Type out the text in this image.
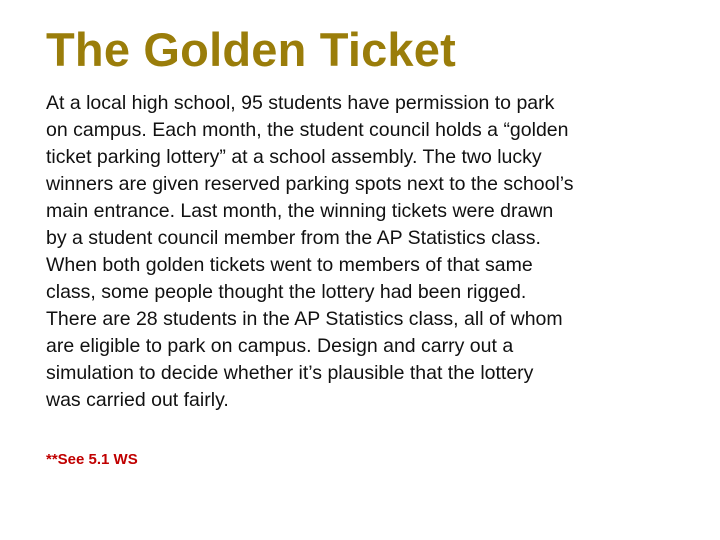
The Golden Ticket

At a local high school, 95 students have permission to park
on campus. Each month, the student council holds a “golden
ticket parking lottery” at a school assembly. The two lucky
winners are given reserved parking spots next to the school’s
main entrance. Last month, the winning tickets were drawn
by a student council member from the AP Statistics class.
When both golden tickets went to members of that same
class, some people thought the lottery had been rigged.
There are 28 students in the AP Statistics class, all of whom
are eligible to park on campus. Design and carry out a
simulation to decide whether it’s plausible that the lottery
was carried out fairly.

**See 5.1 WS
